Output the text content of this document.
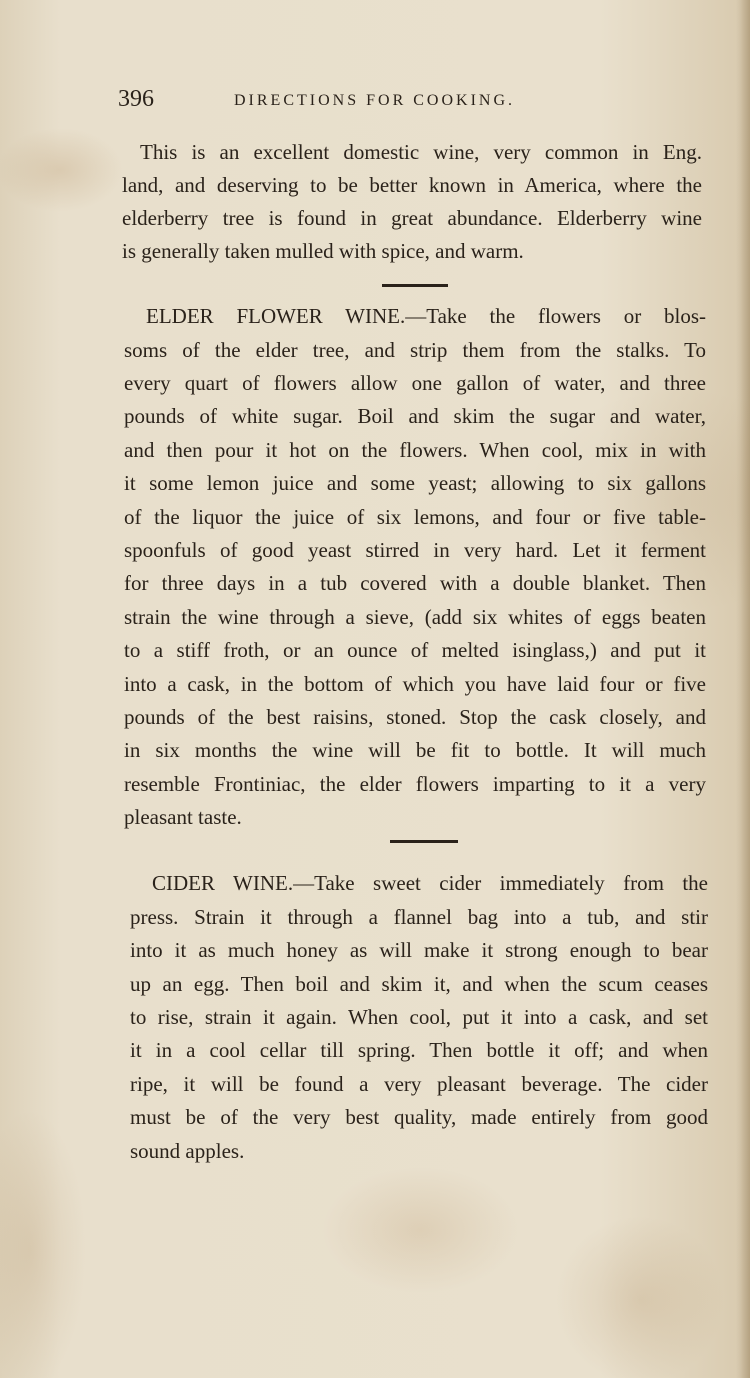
396	DIRECTIONS FOR COOKING.
This is an excellent domestic wine, very common in Eng.
land, and deserving to be better known in America, where the
elderberry tree is found in great abundance. Elderberry wine
is generally taken mulled with spice, and warm.
ELDER FLOWER WINE.—Take the flowers or blos-
soms of the elder tree, and strip them from the stalks. To
every quart of flowers allow one gallon of water, and three
pounds of white sugar. Boil and skim the sugar and water,
and then pour it hot on the flowers. When cool, mix in with
it some lemon juice and some yeast; allowing to six gallons
of the liquor the juice of six lemons, and four or five table-
spoonfuls of good yeast stirred in very hard. Let it ferment
for three days in a tub covered with a double blanket. Then
strain the wine through a sieve, (add six whites of eggs beaten
to a stiff froth, or an ounce of melted isinglass,) and put it
into a cask, in the bottom of which you have laid four or five
pounds of the best raisins, stoned. Stop the cask closely, and
in six months the wine will be fit to bottle. It will much
resemble Frontiniac, the elder flowers imparting to it a very
pleasant taste.
CIDER WINE.—Take sweet cider immediately from the
press. Strain it through a flannel bag into a tub, and stir
into it as much honey as will make it strong enough to bear
up an egg. Then boil and skim it, and when the scum ceases
to rise, strain it again. When cool, put it into a cask, and set
it in a cool cellar till spring. Then bottle it off; and when
ripe, it will be found a very pleasant beverage. The cider
must be of the very best quality, made entirely from good
sound apples.
